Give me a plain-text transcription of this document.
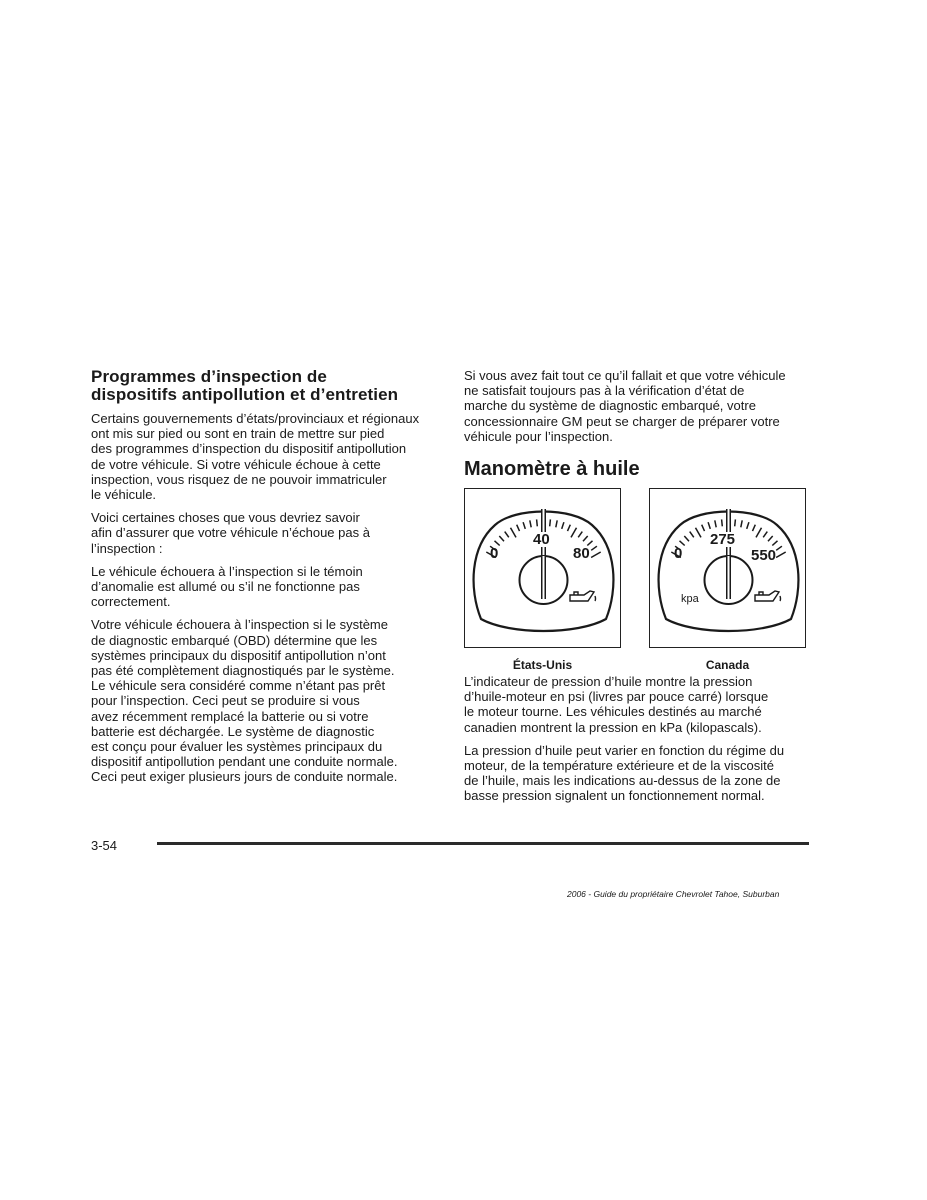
Programmes d’inspection de
dispositifs antipollution et d’entretien

Certains gouvernements d’états/provinciaux et régionaux
ont mis sur pied ou sont en train de mettre sur pied
des programmes d’inspection du dispositif antipollution
de votre véhicule. Si votre véhicule échoue à cette
inspection, vous risquez de ne pouvoir immatriculer
le véhicule.

Voici certaines choses que vous devriez savoir
afin d’assurer que votre véhicule n’échoue pas à
l’inspection :

Le véhicule échouera à l’inspection si le témoin
d’anomalie est allumé ou s’il ne fonctionne pas
correctement.

Votre véhicule échouera à l’inspection si le système
de diagnostic embarqué (OBD) détermine que les
systèmes principaux du dispositif antipollution n’ont
pas été complètement diagnostiqués par le système.
Le véhicule sera considéré comme n’étant pas prêt
pour l’inspection. Ceci peut se produire si vous
avez récemment remplacé la batterie ou si votre
batterie est déchargée. Le système de diagnostic
est conçu pour évaluer les systèmes principaux du
dispositif antipollution pendant une conduite normale.
Ceci peut exiger plusieurs jours de conduite normale.

Si vous avez fait tout ce qu’il fallait et que votre véhicule
ne satisfait toujours pas à la vérification d’état de
marche du système de diagnostic embarqué, votre
concessionnaire GM peut se charger de préparer votre
véhicule pour l’inspection.

Manomètre à huile
0
40
80	0
275
550
kpa
États-Unis	Canada

L’indicateur de pression d’huile montre la pression
d’huile-moteur en psi (livres par pouce carré) lorsque
le moteur tourne. Les véhicules destinés au marché
canadien montrent la pression en kPa (kilopascals).

La pression d’huile peut varier en fonction du régime du
moteur, de la température extérieure et de la viscosité
de l’huile, mais les indications au-dessus de la zone de
basse pression signalent un fonctionnement normal.

3-54
2006 - Guide du propriétaire Chevrolet Tahoe, Suburban
